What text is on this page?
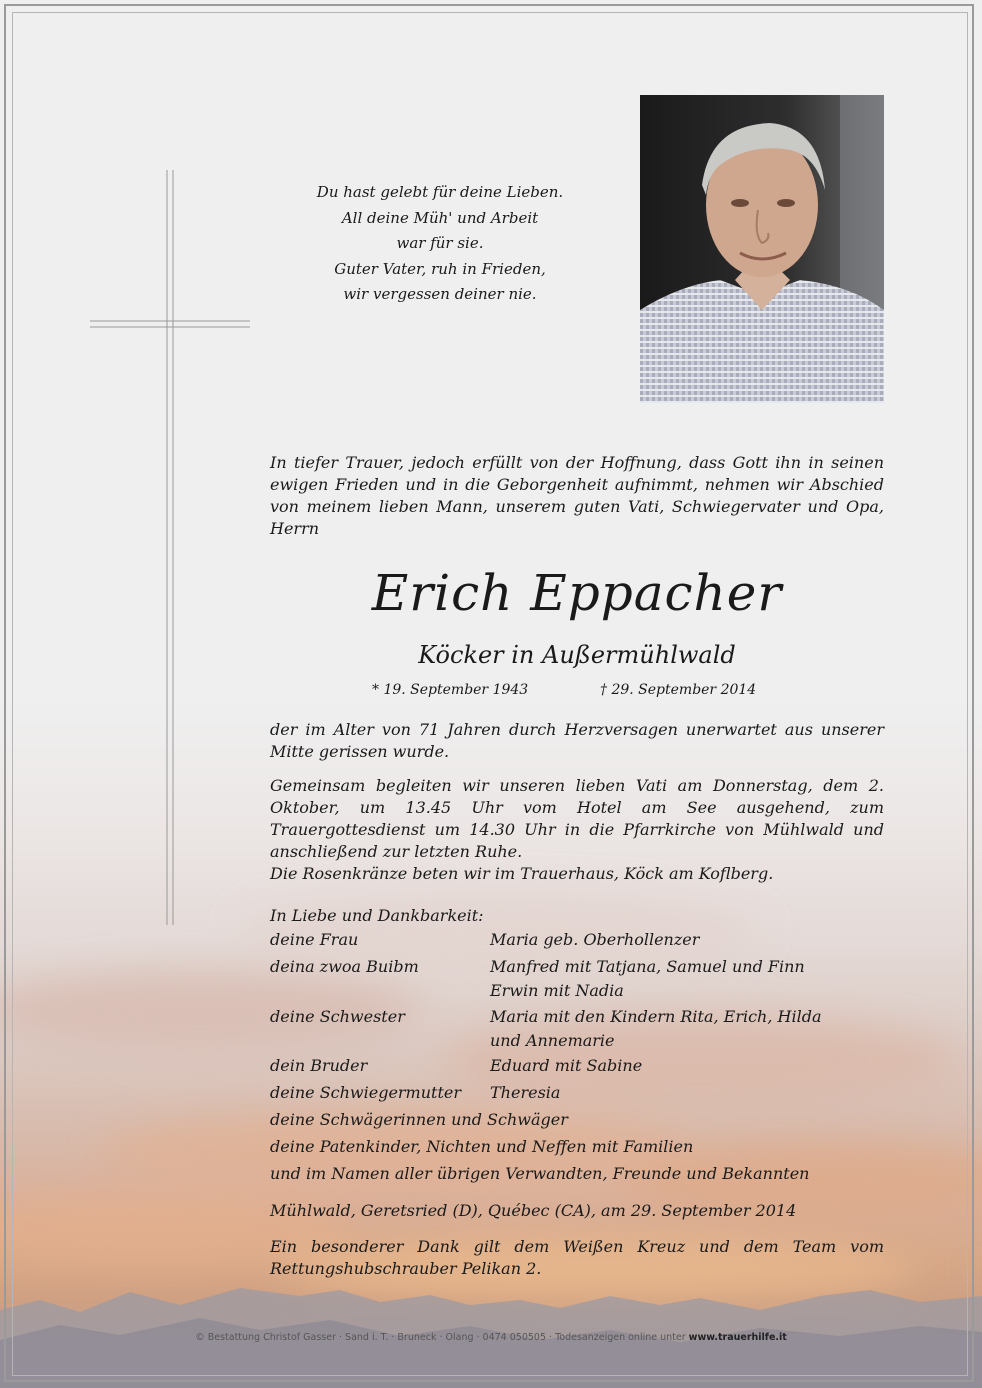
Du hast gelebt für deine Lieben.
All deine Müh' und Arbeit
war für sie.
Guter Vater, ruh in Frieden,
wir vergessen deiner nie.
In tiefer Trauer, jedoch erfüllt von der Hoffnung, dass Gott ihn in seinen ewigen Frieden und in die Geborgenheit aufnimmt, nehmen wir Abschied von meinem lieben Mann, unserem guten Vati, Schwiegervater und Opa, Herrn
Erich Eppacher
Köcker in Außermühlwald
* 19. September 1943	† 29. September 2014
der im Alter von 71 Jahren durch Herzversagen unerwartet aus unserer Mitte gerissen wurde.
Gemeinsam begleiten wir unseren lieben Vati am Donnerstag, dem 2. Oktober, um 13.45 Uhr vom Hotel am See ausgehend, zum Trauergottesdienst um 14.30 Uhr in die Pfarrkirche von Mühlwald und anschließend zur letzten Ruhe.
Die Rosenkränze beten wir im Trauerhaus, Köck am Koflberg.
In Liebe und Dankbarkeit:
deine Frau	Maria geb. Oberhollenzer
deina zwoa Buibm	Manfred mit Tatjana, Samuel und Finn
Erwin mit Nadia
deine Schwester	Maria mit den Kindern Rita, Erich, Hilda
und Annemarie
dein Bruder	Eduard mit Sabine
deine Schwiegermutter Theresia
deine Schwägerinnen und Schwäger
deine Patenkinder, Nichten und Neffen mit Familien
und im Namen aller übrigen Verwandten, Freunde und Bekannten
Mühlwald, Geretsried (D), Québec (CA), am 29. September 2014
Ein besonderer Dank gilt dem Weißen Kreuz und dem Team vom Rettungshubschrauber Pelikan 2.
© Bestattung Christof Gasser · Sand i. T. · Bruneck · Olang · 0474 050505 · Todesanzeigen online unter www.trauerhilfe.it
